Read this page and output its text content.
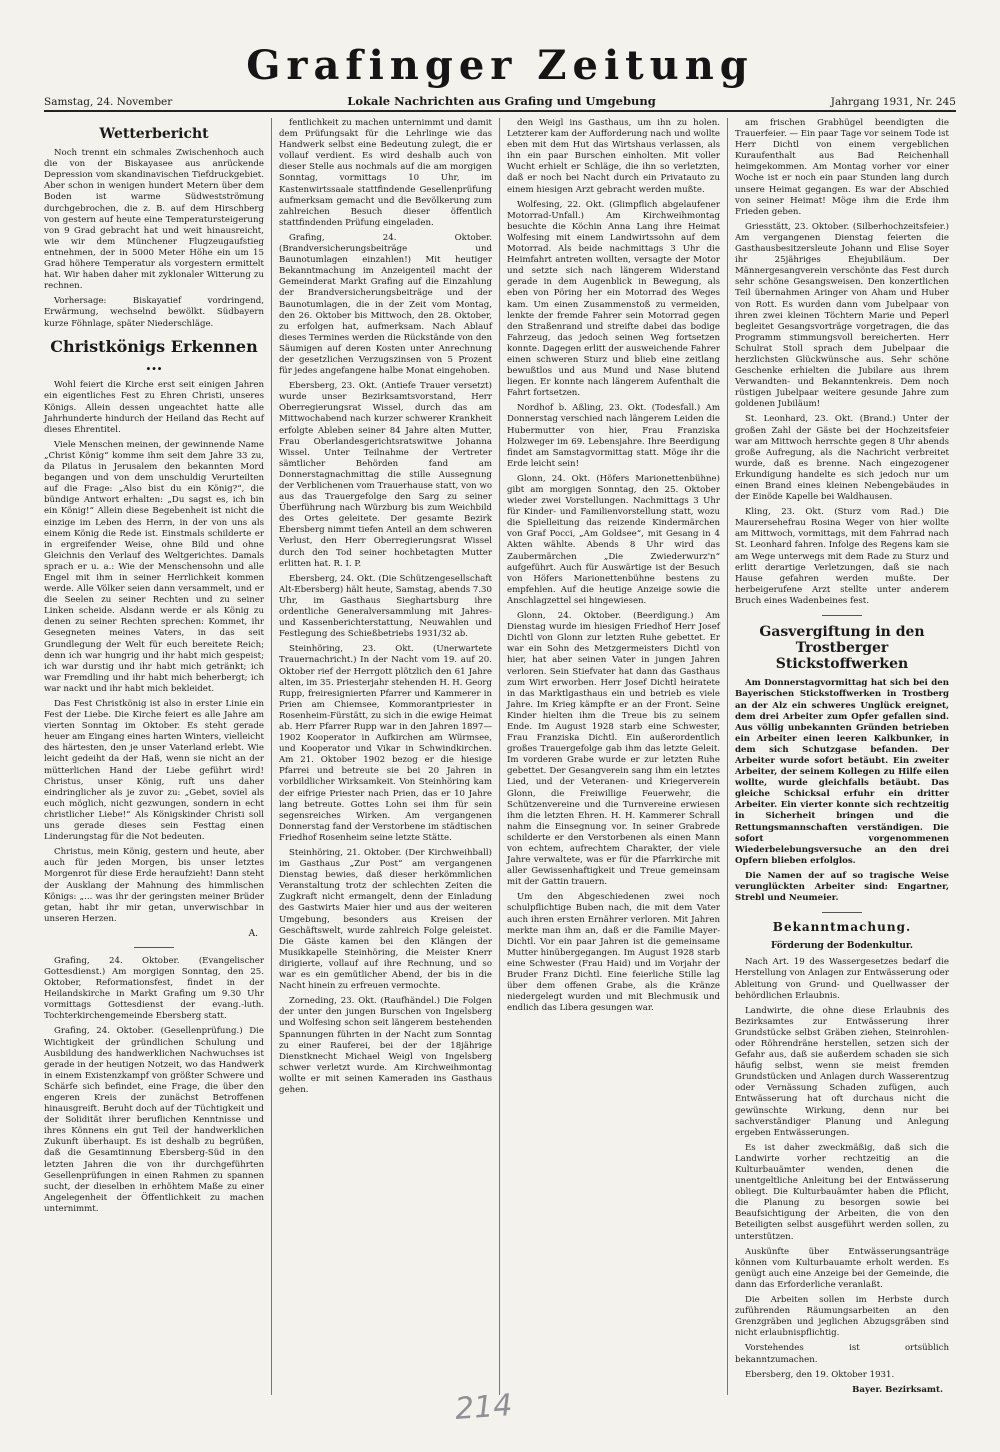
Grafinger Zeitung
Samstag, 24. November	Lokale Nachrichten aus Grafing und Umgebung	Jahrgang 1931, Nr. 245
Wetterbericht

Noch trennt ein schmales Zwischenhoch auch die von der Biskayasee aus anrückende Depression vom skandinavischen Tiefdruckgebiet. Aber schon in wenigen hundert Metern über dem Boden ist warme Südwestströmung durchgebrochen, die z. B. auf dem Hirschberg von gestern auf heute eine Temperatursteigerung von 9 Grad gebracht hat und weit hinausreicht, wie wir dem Münchener Flugzeugaufstieg entnehmen, der in 5000 Meter Höhe ein um 15 Grad höhere Temperatur als vorgestern ermittelt hat. Wir haben daher mit zyklonaler Witterung zu rechnen.

Vorhersage: Biskayatief vordringend, Erwärmung, wechselnd bewölkt. Südbayern kurze Föhnlage, später Niederschläge.

Christkönigs Erkennen ...

Wohl feiert die Kirche erst seit einigen Jahren ein eigentliches Fest zu Ehren Christi, unseres Königs. Allein dessen ungeachtet hatte alle Jahrhunderte hindurch der Heiland das Recht auf dieses Ehrentitel.

Viele Menschen meinen, der gewinnende Name „Christ König“ komme ihm seit dem Jahre 33 zu, da Pilatus in Jerusalem den bekannten Mord begangen und von dem unschuldig Verurteilten auf die Frage: „Also bist du ein König?“, die bündige Antwort erhalten: „Du sagst es, ich bin ein König!“ Allein diese Begebenheit ist nicht die einzige im Leben des Herrn, in der von uns als einem König die Rede ist. Einstmals schilderte er in ergreifender Weise, ohne Bild und ohne Gleichnis den Verlauf des Weltgerichtes. Damals sprach er u. a.: Wie der Menschensohn und alle Engel mit ihm in seiner Herrlichkeit kommen werde. Alle Völker seien dann versammelt, und er die Seelen zu seiner Rechten und zu seiner Linken scheide. Alsdann werde er als König zu denen zu seiner Rechten sprechen: Kommet, ihr Gesegneten meines Vaters, in das seit Grundlegung der Welt für euch bereitete Reich; denn ich war hungrig und ihr habt mich gespeist; ich war durstig und ihr habt mich getränkt; ich war Fremdling und ihr habt mich beherbergt; ich war nackt und ihr habt mich bekleidet.

Das Fest Christkönig ist also in erster Linie ein Fest der Liebe. Die Kirche feiert es alle Jahre am vierten Sonntag im Oktober. Es steht gerade heuer am Eingang eines harten Winters, vielleicht des härtesten, den je unser Vaterland erlebt. Wie leicht gedeiht da der Haß, wenn sie nicht an der mütterlichen Hand der Liebe geführt wird! Christus, unser König, ruft uns daher eindringlicher als je zuvor zu: „Gebet, soviel als euch möglich, nicht gezwungen, sondern in echt christlicher Liebe!“ Als Königskinder Christi soll uns gerade dieses sein Festtag einen Linderungstag für die Not bedeuten.

Christus, mein König, gestern und heute, aber auch für jeden Morgen, bis unser letztes Morgenrot für diese Erde heraufzieht! Dann steht der Ausklang der Mahnung des himmlischen Königs: „... was ihr der geringsten meiner Brüder getan, habt ihr mir getan, unverwischbar in unseren Herzen.

A.

Grafing, 24. Oktober. (Evangelischer Gottesdienst.) Am morgigen Sonntag, den 25. Oktober, Reformationsfest, findet in der Heilandskirche in Markt Grafing um 9.30 Uhr vormittags Gottesdienst der evang.-luth. Tochterkirchengemeinde Ebersberg statt.

Grafing, 24. Oktober. (Gesellenprüfung.) Die Wichtigkeit der gründlichen Schulung und Ausbildung des handwerklichen Nachwuchses ist gerade in der heutigen Notzeit, wo das Handwerk in einem Existenzkampf von größter Schwere und Schärfe sich befindet, eine Frage, die über den engeren Kreis der zunächst Betroffenen hinausgreift. Beruht doch auf der Tüchtigkeit und der Solidität ihrer beruflichen Kenntnisse und ihres Könnens ein gut Teil der handwerklichen Zukunft überhaupt. Es ist deshalb zu begrüßen, daß die Gesamtinnung Ebersberg-Süd in den letzten Jahren die von ihr durchgeführten Gesellenprüfungen in einen Rahmen zu spannen sucht, der dieselben in erhöhtem Maße zu einer Angelegenheit der Öffentlichkeit zu machen unternimmt.

fentlichkeit zu machen unternimmt und damit dem Prüfungsakt für die Lehrlinge wie das Handwerk selbst eine Bedeutung zulegt, die er vollauf verdient. Es wird deshalb auch von dieser Stelle aus nochmals auf die am morgigen Sonntag, vormittags 10 Uhr, im Kastenwirtssaale stattfindende Gesellenprüfung aufmerksam gemacht und die Bevölkerung zum zahlreichen Besuch dieser öffentlich stattfindenden Prüfung eingeladen.

Grafing, 24. Oktober. (Brandversicherungsbeiträge und Baunotumlagen einzahlen!) Mit heutiger Bekanntmachung im Anzeigenteil macht der Gemeinderat Markt Grafing auf die Einzahlung der Brandversicherungsbeiträge und der Baunotumlagen, die in der Zeit vom Montag, den 26. Oktober bis Mittwoch, den 28. Oktober, zu erfolgen hat, aufmerksam. Nach Ablauf dieses Termines werden die Rückstände von den Säumigen auf deren Kosten unter Anrechnung der gesetzlichen Verzugszinsen von 5 Prozent für jedes angefangene halbe Monat eingehoben.

Ebersberg, 23. Okt. (Antiefe Trauer versetzt) wurde unser Bezirksamtsvorstand, Herr Oberregierungsrat Wissel, durch das am Mittwochabend nach kurzer schwerer Krankheit erfolgte Ableben seiner 84 Jahre alten Mutter, Frau Oberlandesgerichtsratswitwe Johanna Wissel. Unter Teilnahme der Vertreter sämtlicher Behörden fand am Donnerstagnachmittag die stille Aussegnung der Verblichenen vom Trauerhause statt, von wo aus das Trauergefolge den Sarg zu seiner Überführung nach Würzburg bis zum Weichbild des Ortes geleitete. Der gesamte Bezirk Ebersberg nimmt tiefen Anteil an dem schweren Verlust, den Herr Oberregierungsrat Wissel durch den Tod seiner hochbetagten Mutter erlitten hat. R. I. P.

Ebersberg, 24. Okt. (Die Schützengesellschaft Alt-Ebersberg) hält heute, Samstag, abends 7.30 Uhr, im Gasthaus Sieghartsburg ihre ordentliche Generalversammlung mit Jahres- und Kassenberichterstattung, Neuwahlen und Festlegung des Schießbetriebs 1931/32 ab.

Steinhöring, 23. Okt. (Unerwartete Trauernachricht.) In der Nacht vom 19. auf 20. Oktober rief der Herrgott plötzlich den 61 Jahre alten, im 35. Priesterjahr stehenden H. H. Georg Rupp, freiresignierten Pfarrer und Kammerer in Prien am Chiemsee, Kommorantpriester in Rosenheim-Fürstätt, zu sich in die ewige Heimat ab. Herr Pfarrer Rupp war in den Jahren 1897—1902 Kooperator in Aufkirchen am Würmsee, und Kooperator und Vikar in Schwindkirchen. Am 21. Oktober 1902 bezog er die hiesige Pfarrei und betreute sie bei 20 Jahren in vorbildlicher Wirksamkeit. Von Steinhöring kam der eifrige Priester nach Prien, das er 10 Jahre lang betreute. Gottes Lohn sei ihm für sein segensreiches Wirken. Am vergangenen Donnerstag fand der Verstorbene im städtischen Friedhof Rosenheim seine letzte Stätte.

Steinhöring, 21. Oktober. (Der Kirchweihball) im Gasthaus „Zur Post“ am vergangenen Dienstag bewies, daß dieser herkömmlichen Veranstaltung trotz der schlechten Zeiten die Zugkraft nicht ermangelt, denn der Einladung des Gastwirts Maier hier und aus der weiteren Umgebung, besonders aus Kreisen der Geschäftswelt, wurde zahlreich Folge geleistet. Die Gäste kamen bei den Klängen der Musikkapelle Steinhöring, die Meister Knerr dirigierte, vollauf auf ihre Rechnung, und so war es ein gemütlicher Abend, der bis in die Nacht hinein zu erfreuen vermochte.

Zorneding, 23. Okt. (Raufhändel.) Die Folgen der unter den jungen Burschen von Ingelsberg und Wolfesing schon seit längerem bestehenden Spannungen führten in der Nacht zum Sonntag zu einer Rauferei, bei der der 18jährige Dienstknecht Michael Weigl von Ingelsberg schwer verletzt wurde. Am Kirchweihmontag wollte er mit seinen Kameraden ins Gasthaus gehen.

den Weigl ins Gasthaus, um ihn zu holen. Letzterer kam der Aufforderung nach und wollte eben mit dem Hut das Wirtshaus verlassen, als ihn ein paar Burschen einholten. Mit voller Wucht erhielt er Schläge, die ihn so verletzten, daß er noch bei Nacht durch ein Privatauto zu einem hiesigen Arzt gebracht werden mußte.

Wolfesing, 22. Okt. (Glimpflich abgelaufener Motorrad-Unfall.) Am Kirchweihmontag besuchte die Köchin Anna Lang ihre Heimat Wolfesing mit einem Landwirtssohn auf dem Motorrad. Als beide nachmittags 3 Uhr die Heimfahrt antreten wollten, versagte der Motor und setzte sich nach längerem Widerstand gerade in dem Augenblick in Bewegung, als eben von Pöring her ein Motorrad des Weges kam. Um einen Zusammenstoß zu vermeiden, lenkte der fremde Fahrer sein Motorrad gegen den Straßenrand und streifte dabei das bodige Fahrzeug, das jedoch seinen Weg fortsetzen konnte. Dagegen erlitt der ausweichende Fahrer einen schweren Sturz und blieb eine zeitlang bewußtlos und aus Mund und Nase blutend liegen. Er konnte nach längerem Aufenthalt die Fahrt fortsetzen.

Nordhof b. Aßling, 23. Okt. (Todesfall.) Am Donnerstag verschied nach längerem Leiden die Hubermutter von hier, Frau Franziska Holzweger im 69. Lebensjahre. Ihre Beerdigung findet am Samstagvormittag statt. Möge ihr die Erde leicht sein!

Glonn, 24. Okt. (Höfers Marionettenbühne) gibt am morgigen Sonntag, den 25. Oktober wieder zwei Vorstellungen. Nachmittags 3 Uhr für Kinder- und Familienvorstellung statt, wozu die Spielleitung das reizende Kindermärchen von Graf Pocci, „Am Goldsee“, mit Gesang in 4 Akten wählte. Abends 8 Uhr wird das Zaubermärchen „Die Zwiederwurz'n“ aufgeführt. Auch für Auswärtige ist der Besuch von Höfers Marionettenbühne bestens zu empfehlen. Auf die heutige Anzeige sowie die Anschlagzettel sei hingewiesen.

Glonn, 24. Oktober. (Beerdigung.) Am Dienstag wurde im hiesigen Friedhof Herr Josef Dichtl von Glonn zur letzten Ruhe gebettet. Er war ein Sohn des Metzgermeisters Dichtl von hier, hat aber seinen Vater in jungen Jahren verloren. Sein Stiefvater hat dann das Gasthaus zum Wirt erworben. Herr Josef Dichtl heiratete in das Marktlgasthaus ein und betrieb es viele Jahre. Im Krieg kämpfte er an der Front. Seine Kinder hielten ihm die Treue bis zu seinem Ende. Im August 1928 starb eine Schwester, Frau Franziska Dichtl. Ein außerordentlich großes Trauergefolge gab ihm das letzte Geleit. Im vorderen Grabe wurde er zur letzten Ruhe gebettet. Der Gesangverein sang ihm ein letztes Lied, und der Veteranen- und Kriegerverein Glonn, die Freiwillige Feuerwehr, die Schützenvereine und die Turnvereine erwiesen ihm die letzten Ehren. H. H. Kammerer Schrall nahm die Einsegnung vor. In seiner Grabrede schilderte er den Verstorbenen als einen Mann von echtem, aufrechtem Charakter, der viele Jahre verwaltete, was er für die Pfarrkirche mit aller Gewissenhaftigkeit und Treue gemeinsam mit der Gattin trauern.

Um den Abgeschiedenen zwei noch schulpflichtige Buben nach, die mit dem Vater auch ihren ersten Ernährer verloren. Mit Jahren merkte man ihm an, daß er die Familie Mayer-Dichtl. Vor ein paar Jahren ist die gemeinsame Mutter hinübergegangen. Im August 1928 starb eine Schwester (Frau Haid) und im Vorjahr der Bruder Franz Dichtl. Eine feierliche Stille lag über dem offenen Grabe, als die Kränze niedergelegt wurden und mit Blechmusik und endlich das Libera gesungen war.

am frischen Grabhügel beendigten die Trauerfeier. — Ein paar Tage vor seinem Tode ist Herr Dichtl von einem vergeblichen Kuraufenthalt aus Bad Reichenhall heimgekommen. Am Montag vorher vor einer Woche ist er noch ein paar Stunden lang durch unsere Heimat gegangen. Es war der Abschied von seiner Heimat! Möge ihm die Erde ihm Frieden geben.

Griesstätt, 23. Oktober. (Silberhochzeitsfeier.) Am vergangenen Dienstag feierten die Gasthausbesitzersleute Johann und Elise Soyer ihr 25jähriges Ehejubiläum. Der Männergesangverein verschönte das Fest durch sehr schöne Gesangsweisen. Den konzertlichen Teil übernahmen Aringer von Aham und Huber von Rott. Es wurden dann vom Jubelpaar von ihren zwei kleinen Töchtern Marie und Peperl begleitet Gesangsvorträge vorgetragen, die das Programm stimmungsvoll bereicherten. Herr Schulrat Stoll sprach dem Jubelpaar die herzlichsten Glückwünsche aus. Sehr schöne Geschenke erhielten die Jubilare aus ihrem Verwandten- und Bekanntenkreis. Dem noch rüstigen Jubelpaar weitere gesunde Jahre zum goldenen Jubiläum!

St. Leonhard, 23. Okt. (Brand.) Unter der großen Zahl der Gäste bei der Hochzeitsfeier war am Mittwoch herrschte gegen 8 Uhr abends große Aufregung, als die Nachricht verbreitet wurde, daß es brenne. Nach eingezogener Erkundigung handelte es sich jedoch nur um einen Brand eines kleinen Nebengebäudes in der Einöde Kapelle bei Waldhausen.

Kling, 23. Okt. (Sturz vom Rad.) Die Maurersehefrau Rosina Weger von hier wollte am Mittwoch, vormittags, mit dem Fahrrad nach St. Leonhard fahren. Infolge des Regens kam sie am Wege unterwegs mit dem Rade zu Sturz und erlitt derartige Verletzungen, daß sie nach Hause gefahren werden mußte. Der herbeigerufene Arzt stellte unter anderem Bruch eines Wadenbeines fest.

Gasvergiftung in den Trostberger Stickstoffwerken

Am Donnerstagvormittag hat sich bei den Bayerischen Stickstoffwerken in Trostberg an der Alz ein schweres Unglück ereignet, dem drei Arbeiter zum Opfer gefallen sind. Aus völlig unbekannten Gründen betrieben ein Arbeiter einen leeren Kalkbunker, in dem sich Schutzgase befanden. Der Arbeiter wurde sofort betäubt. Ein zweiter Arbeiter, der seinem Kollegen zu Hilfe eilen wollte, wurde gleichfalls betäubt. Das gleiche Schicksal erfuhr ein dritter Arbeiter. Ein vierter konnte sich rechtzeitig in Sicherheit bringen und die Rettungsmannschaften verständigen. Die sofort vorgenommenen Wiederbelebungsversuche an den drei Opfern blieben erfolglos.

Die Namen der auf so tragische Weise verunglückten Arbeiter sind: Engartner, Strebl und Neumeier.

Bekanntmachung.
Förderung der Bodenkultur.

Nach Art. 19 des Wassergesetzes bedarf die Herstellung von Anlagen zur Entwässerung oder Ableitung von Grund- und Quellwasser der behördlichen Erlaubnis.

Landwirte, die ohne diese Erlaubnis des Bezirksamtes zur Entwässerung ihrer Grundstücke selbst Gräben ziehen, Steinrohlen- oder Röhrendräne herstellen, setzen sich der Gefahr aus, daß sie außerdem schaden sie sich häufig selbst, wenn sie meist fremden Grundstücken und Anlagen durch Wasserentzug oder Vernässung Schaden zufügen, auch Entwässerung hat oft durchaus nicht die gewünschte Wirkung, denn nur bei sachverständiger Planung und Anlegung ergeben Entwässerungen.

Es ist daher zweckmäßig, daß sich die Landwirte vorher rechtzeitig an die Kulturbauämter wenden, denen die unentgeltliche Anleitung bei der Entwässerung obliegt. Die Kulturbauämter haben die Pflicht, die Planung zu besorgen sowie bei Beaufsichtigung der Arbeiten, die von den Beteiligten selbst ausgeführt werden sollen, zu unterstützen.

Auskünfte über Entwässerungsanträge können vom Kulturbauamte erholt werden. Es genügt auch eine Anzeige bei der Gemeinde, die dann das Erforderliche veranlaßt.

Die Arbeiten sollen im Herbste durch zuführenden Räumungsarbeiten an den Grenzgräben und jeglichen Abzugsgräben sind nicht erlaubnispflichtig.

Vorstehendes ist ortsüblich bekanntzumachen.

Ebersberg, den 19. Oktober 1931.

Bayer. Bezirksamt.
214
